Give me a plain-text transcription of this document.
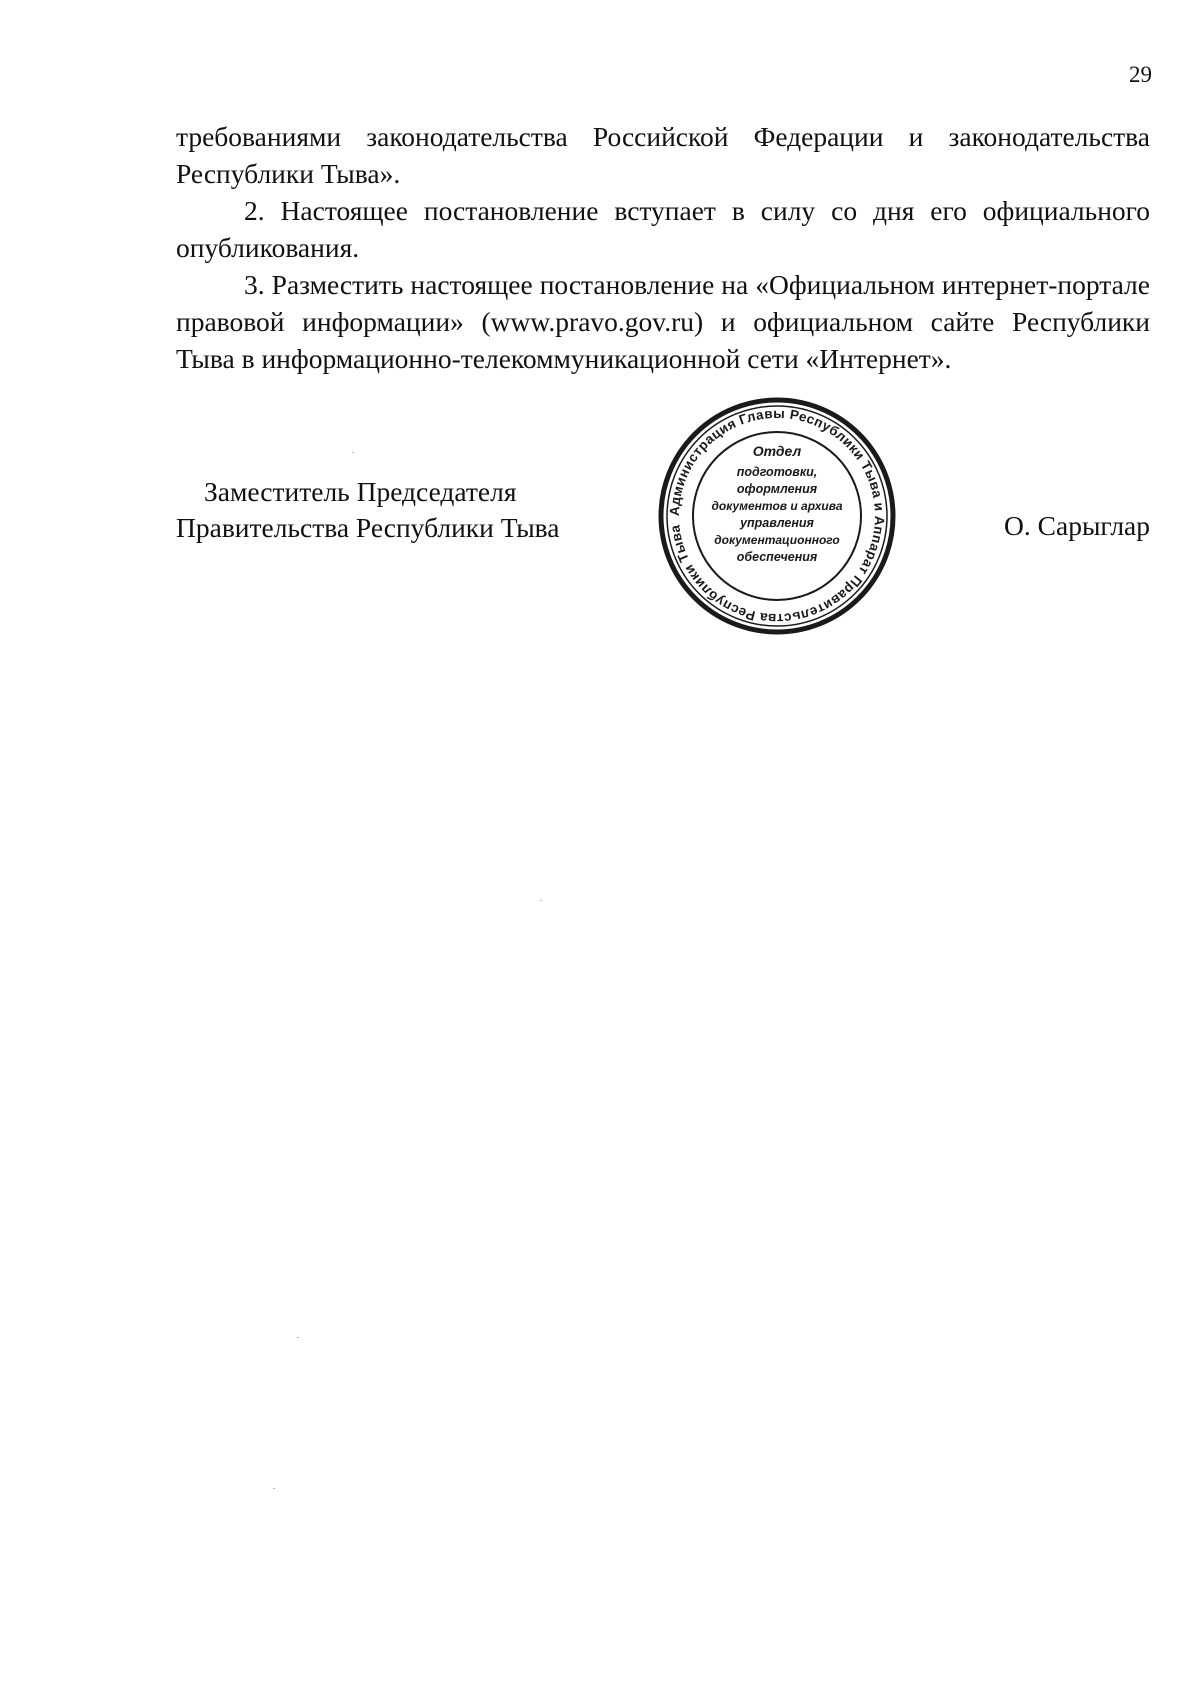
29

требованиями законодательства Российской Федерации и законодательства Республики Тыва».

2. Настоящее постановление вступает в силу со дня его официального опубликования.

3. Разместить настоящее постановление на «Официальном интернет-портале правовой информации» (www.pravo.gov.ru) и официальном сайте Республики Тыва в информационно-телекоммуникационной сети «Интернет».

Заместитель Председателя
Правительства Республики Тыва	О. Сарыглар
Администрация Главы Республики Тыва и Аппарат Правительства Республики Тыва
Отдел
подготовки,
оформления
документов и архива
управления
документационного
обеспечения
